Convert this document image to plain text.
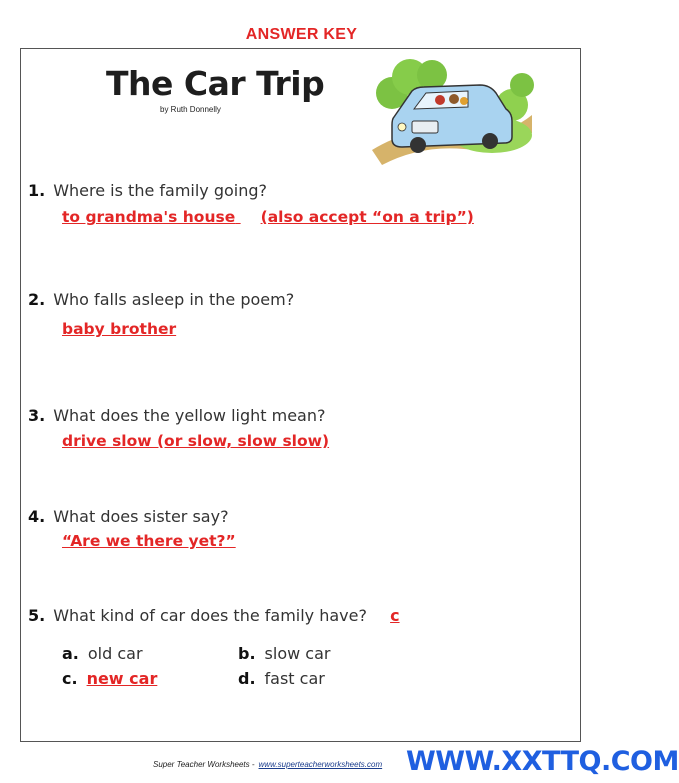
ANSWER KEY
The Car Trip
by Ruth Donnelly
1. Where is the family going?
to grandma's house (also accept “on a trip”)
2. Who falls asleep in the poem?
baby brother
3. What does the yellow light mean?
drive slow (or slow, slow slow)
4. What does sister say?
“Are we there yet?”
5. What kind of car does the family have? c
a. old car	b. slow car
c. new car	d. fast car
Super Teacher Worksheets - www.superteacherworksheets.com WWW.XXTTQ.COM
